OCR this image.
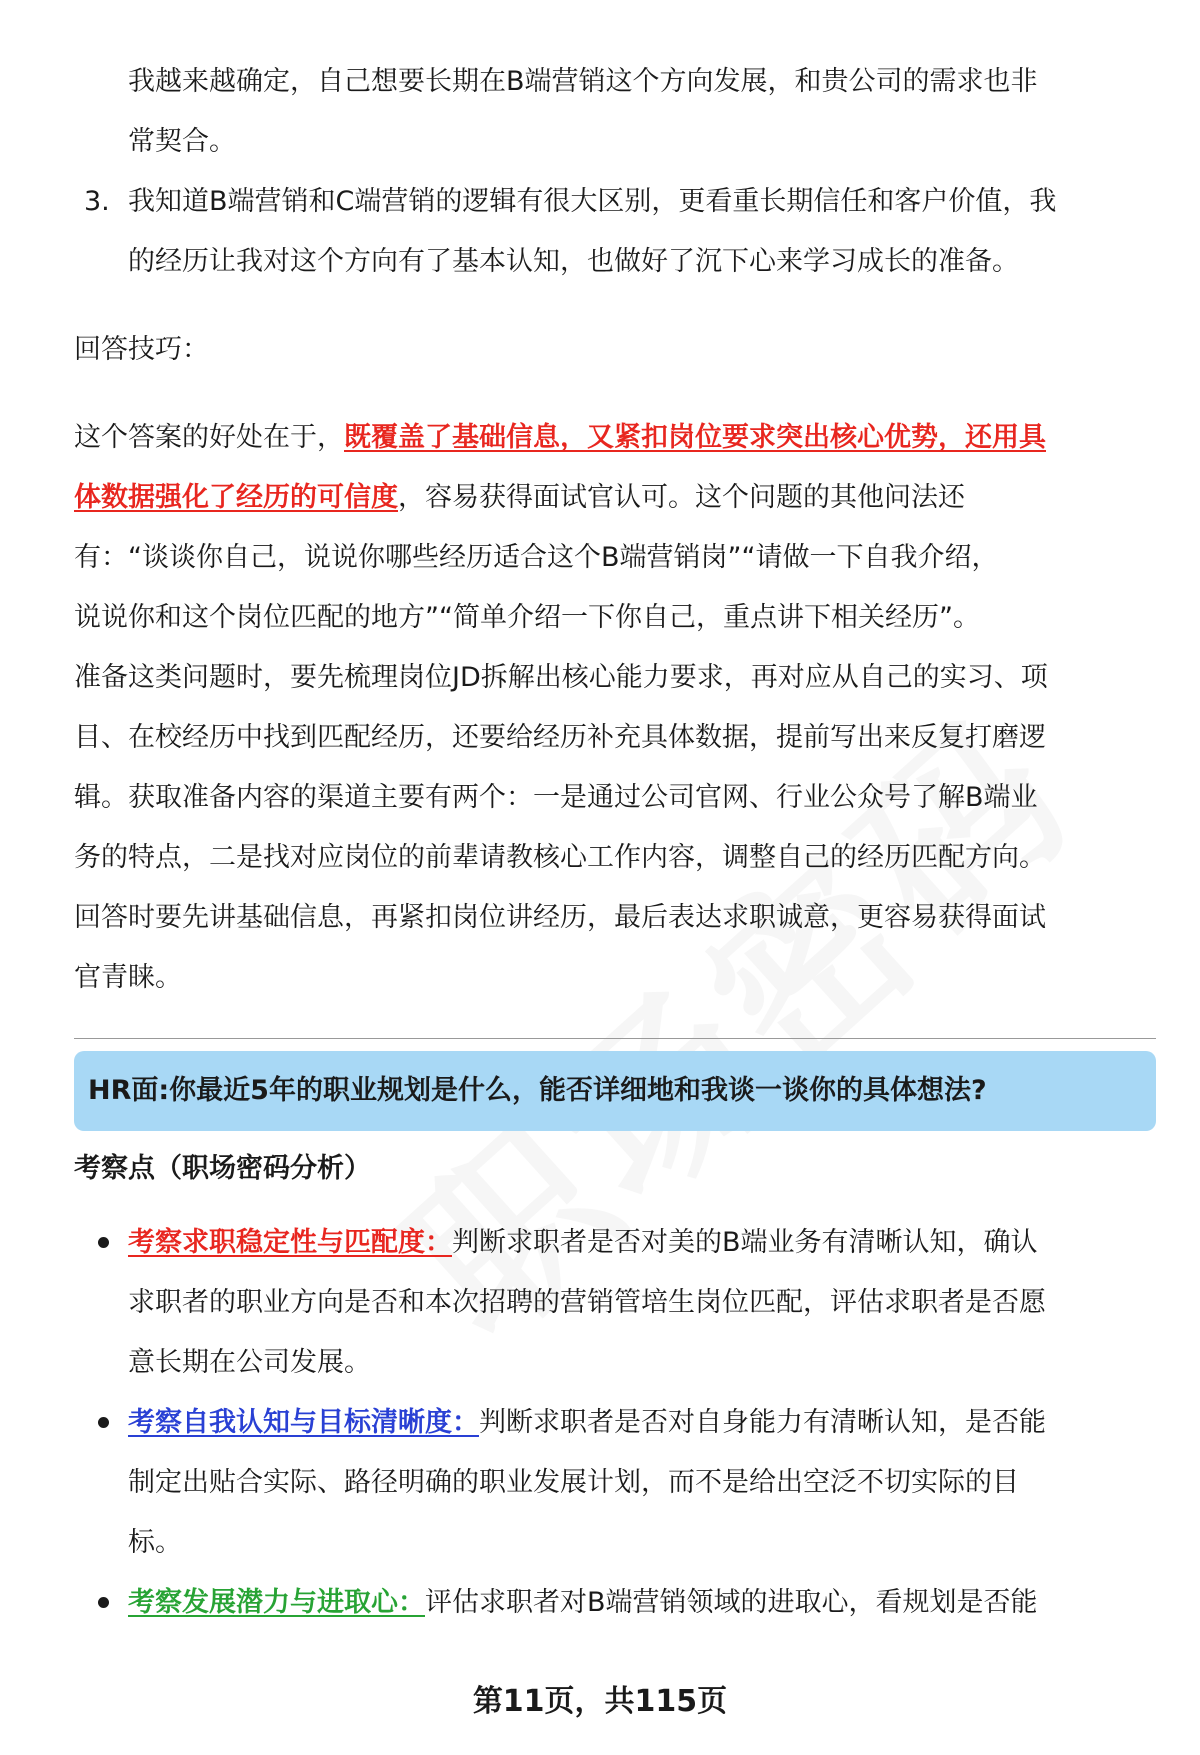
我越来越确定，自己想要长期在B端营销这个方向发展，和贵公司的需求也非
常契合。
3. 我知道B端营销和C端营销的逻辑有很大区别，更看重长期信任和客户价值，我
的经历让我对这个方向有了基本认知，也做好了沉下心来学习成长的准备。
回答技巧：
这个答案的好处在于，既覆盖了基础信息，又紧扣岗位要求突出核心优势，还用具
体数据强化了经历的可信度，容易获得面试官认可。这个问题的其他问法还
有：“谈谈你自己，说说你哪些经历适合这个B端营销岗”“请做一下自我介绍，
说说你和这个岗位匹配的地方”“简单介绍一下你自己，重点讲下相关经历”。
准备这类问题时，要先梳理岗位JD拆解出核心能力要求，再对应从自己的实习、项
目、在校经历中找到匹配经历，还要给经历补充具体数据，提前写出来反复打磨逻
辑。获取准备内容的渠道主要有两个：一是通过公司官网、行业公众号了解B端业
务的特点，二是找对应岗位的前辈请教核心工作内容，调整自己的经历匹配方向。
回答时要先讲基础信息，再紧扣岗位讲经历，最后表达求职诚意，更容易获得面试
官青睐。
HR面:你最近5年的职业规划是什么，能否详细地和我谈一谈你的具体想法?
考察点（职场密码分析）
考察求职稳定性与匹配度：判断求职者是否对美的B端业务有清晰认知，确认
求职者的职业方向是否和本次招聘的营销管培生岗位匹配，评估求职者是否愿
意长期在公司发展。
考察自我认知与目标清晰度：判断求职者是否对自身能力有清晰认知，是否能
制定出贴合实际、路径明确的职业发展计划，而不是给出空泛不切实际的目
标。
考察发展潜力与进取心：评估求职者对B端营销领域的进取心，看规划是否能
第11页，共115页
